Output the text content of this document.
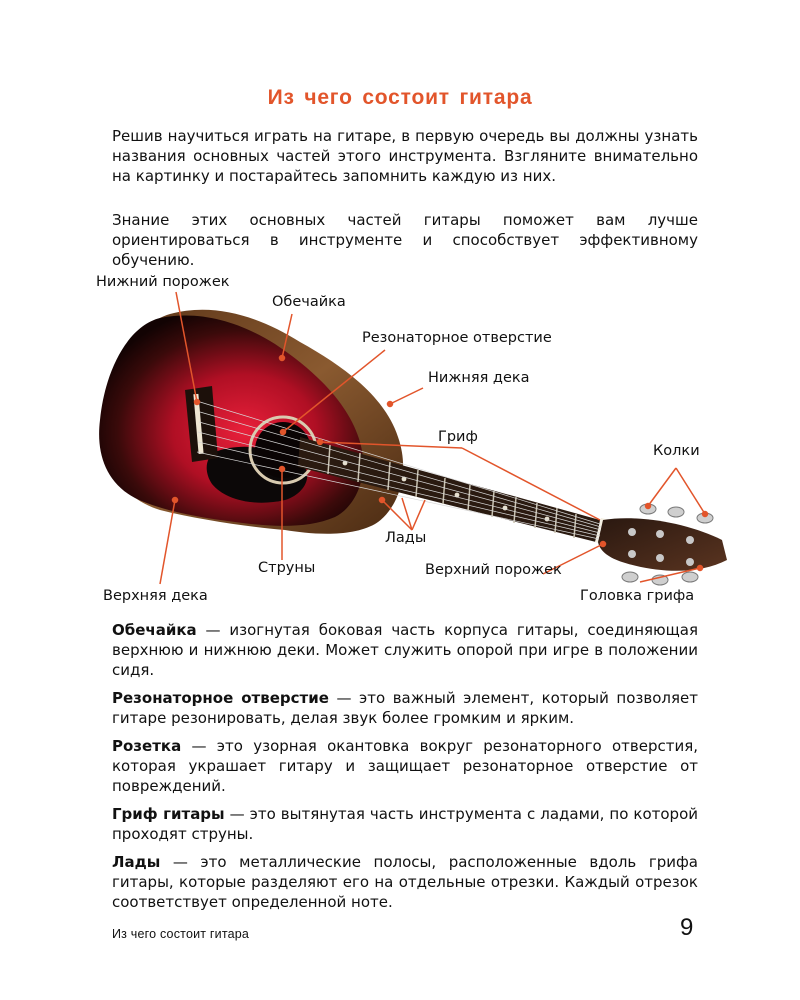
Из чего состоит гитара

Решив научиться играть на гитаре, в первую очередь вы должны узнать названия основных частей этого инструмента. Взгляните внимательно на картинку и постарайтесь запомнить каждую из них.

Знание этих основных частей гитары поможет вам лучше ориентироваться в инструменте и способствует эффективному обучению.

Нижний порожек
Обечайка
Резонаторное отверстие
Нижняя дека
Гриф
Колки
Лады
Струны	Верхний порожек
Верхняя дека	Головка грифа

Обечайка — изогнутая боковая часть корпуса гитары, соединяющая верхнюю и нижнюю деки. Может служить опорой при игре в положении сидя.

Резонаторное отверстие — это важный элемент, который позволяет гитаре резонировать, делая звук более громким и ярким.

Розетка — это узорная окантовка вокруг резонаторного отверстия, которая украшает гитару и защищает резонаторное отверстие от повреждений.

Гриф гитары — это вытянутая часть инструмента с ладами, по которой проходят струны.

Лады — это металлические полосы, расположенные вдоль грифа гитары, которые разделяют его на отдельные отрезки. Каждый отрезок соответствует определенной ноте.

Из чего состоит гитара	9
